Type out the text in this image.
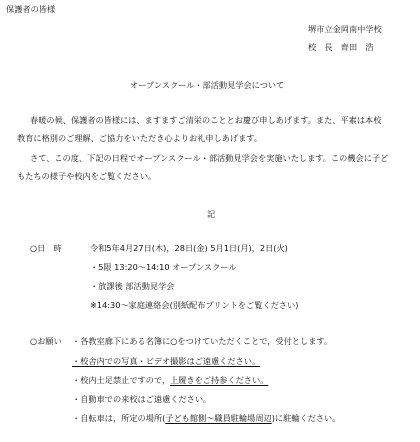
保護者の皆様
堺市立金岡南中学校
校　長　齊田　浩
オープンスクール・部活動見学会について
春暖の候、保護者の皆様には、ますますご清栄のこととお慶び申しあげます。また、平素は本校
教育に格別のご理解、ご協力をいただき心よりお礼申しあげます。
さて、この度、下記の日程でオープンスクール・部活動見学会を実施いたします。この機会に子ど
もたちの様子や校内をご覧ください。
記
○日　時	令和5年4月27日(木)，28日(金) 5月1日(月)，2日(火)
・5限 13:20～14:10 オープンスクール
・放課後 部活動見学会
※14:30～家庭連絡会(別紙配布プリントをご覧ください)
○お願い ・各教室廊下にある名簿に○をつけていただくことで，受付とします。
・校舎内での写真・ビデオ撮影はご遠慮ください。
・校内土足禁止ですので，上履きをご持参ください。
・自動車での来校はご遠慮ください。
・自転車は，所定の場所(子ども館側～職員駐輪場周辺)に駐輪ください。
